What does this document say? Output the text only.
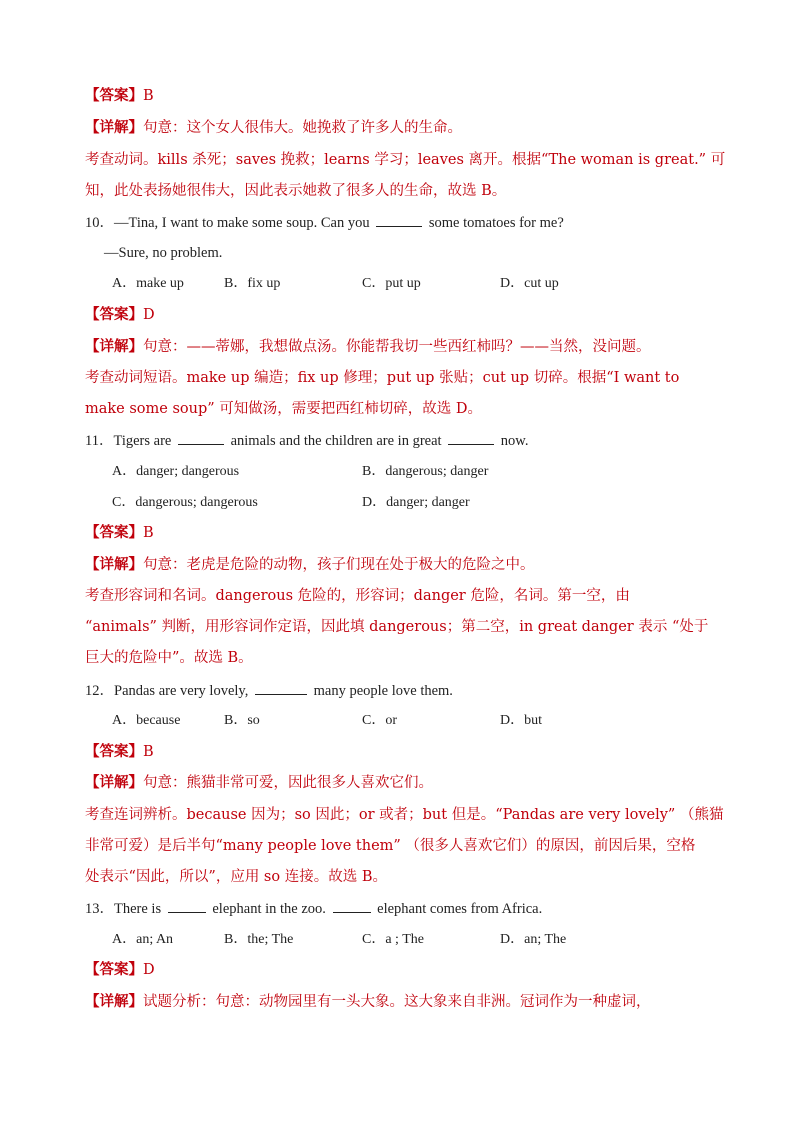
【答案】B
【详解】句意：这个女人很伟大。她挽救了许多人的生命。
考查动词。kills 杀死；saves 挽救；learns 学习；leaves 离开。根据“The woman is great.” 可
知，此处表扬她很伟大，因此表示她救了很多人的生命，故选 B。
10．—Tina, I want to make some soup. Can you	some tomatoes for me?
—Sure, no problem.
A．make up	B．fix up	C．put up	D．cut up
【答案】D
【详解】句意：——蒂娜，我想做点汤。你能帮我切一些西红柿吗？——当然，没问题。
考查动词短语。make up 编造；fix up 修理；put up 张贴；cut up 切碎。根据“I want to
make some soup” 可知做汤，需要把西红柿切碎，故选 D。
11．Tigers are	animals and the children are in great	now.
A．danger; dangerous	B．dangerous; danger
C．dangerous; dangerous	D．danger; danger
【答案】B
【详解】句意：老虎是危险的动物，孩子们现在处于极大的危险之中。
考查形容词和名词。dangerous 危险的，形容词；danger 危险，名词。第一空，由
“animals” 判断，用形容词作定语，因此填 dangerous；第二空，in great danger 表示 “处于
巨大的危险中”。故选 B。
12．Pandas are very lovely,	many people love them.
A．because	B．so	C．or	D．but
【答案】B
【详解】句意：熊猫非常可爱，因此很多人喜欢它们。
考查连词辨析。because 因为；so 因此；or 或者；but 但是。“Pandas are very lovely” （熊猫
非常可爱）是后半句“many people love them” （很多人喜欢它们）的原因，前因后果，空格
处表示“因此，所以”，应用 so 连接。故选 B。
13．There is	elephant in the zoo.	elephant comes from Africa.
A．an; An	B．the; The	C．a ; The	D．an; The
【答案】D
【详解】试题分析：句意：动物园里有一头大象。这大象来自非洲。冠词作为一种虚词，
